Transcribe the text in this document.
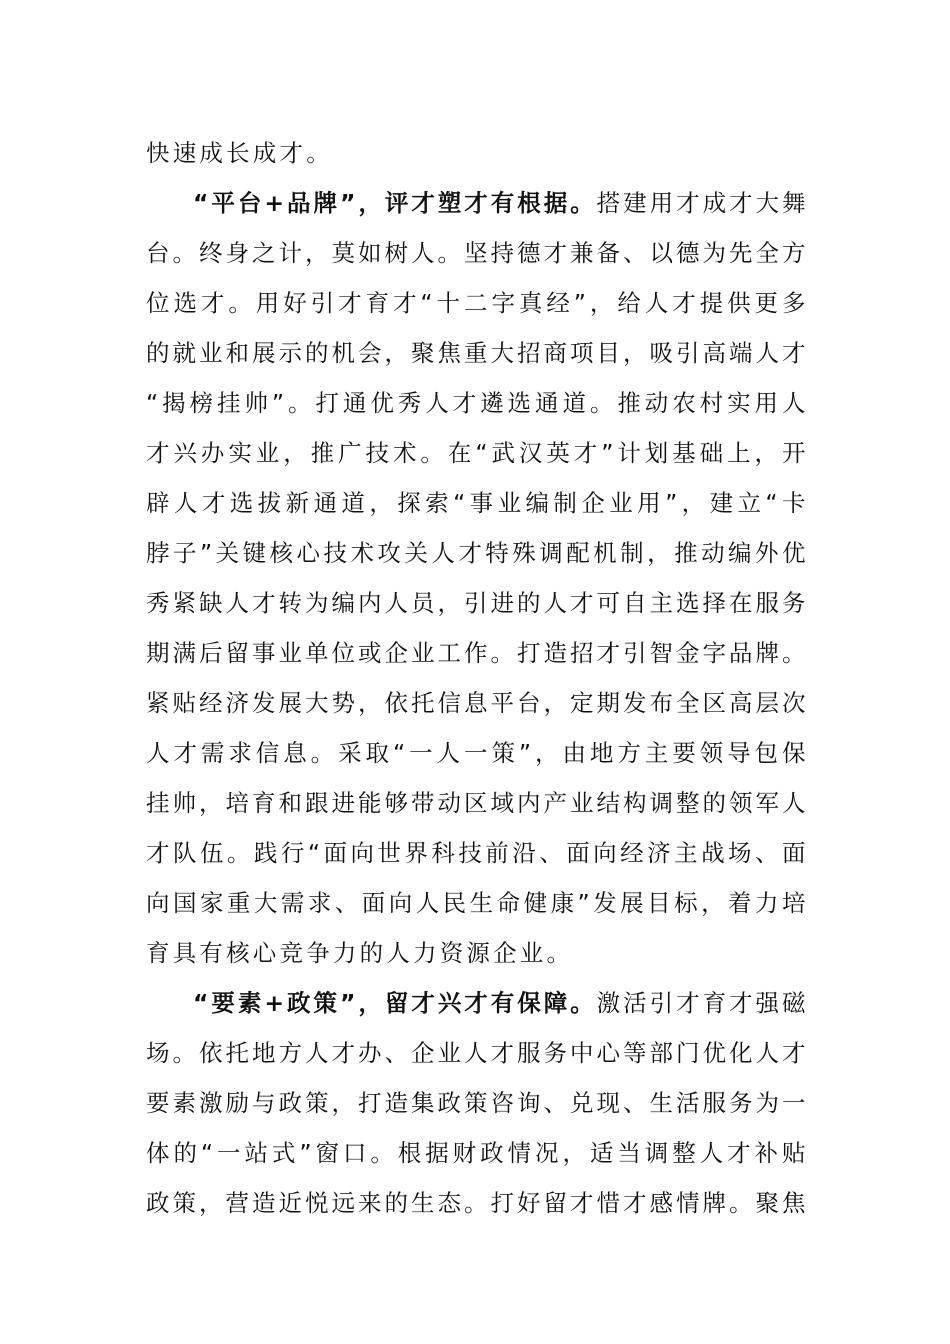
快速成长成才。
“平台+品牌”，评才塑才有根据。搭建用才成才大舞
台。终身之计，莫如树人。坚持德才兼备、以德为先全方
位选才。用好引才育才“十二字真经”，给人才提供更多
的就业和展示的机会，聚焦重大招商项目，吸引高端人才
“揭榜挂帅”。打通优秀人才遴选通道。推动农村实用人
才兴办实业，推广技术。在“武汉英才”计划基础上，开
辟人才选拔新通道，探索“事业编制企业用”，建立“卡
脖子”关键核心技术攻关人才特殊调配机制，推动编外优
秀紧缺人才转为编内人员，引进的人才可自主选择在服务
期满后留事业单位或企业工作。打造招才引智金字品牌。
紧贴经济发展大势，依托信息平台，定期发布全区高层次
人才需求信息。采取“一人一策”，由地方主要领导包保
挂帅，培育和跟进能够带动区域内产业结构调整的领军人
才队伍。践行“面向世界科技前沿、面向经济主战场、面
向国家重大需求、面向人民生命健康”发展目标，着力培
育具有核心竞争力的人力资源企业。
“要素+政策”，留才兴才有保障。激活引才育才强磁
场。依托地方人才办、企业人才服务中心等部门优化人才
要素激励与政策，打造集政策咨询、兑现、生活服务为一
体的“一站式”窗口。根据财政情况，适当调整人才补贴
政策，营造近悦远来的生态。打好留才惜才感情牌。聚焦
